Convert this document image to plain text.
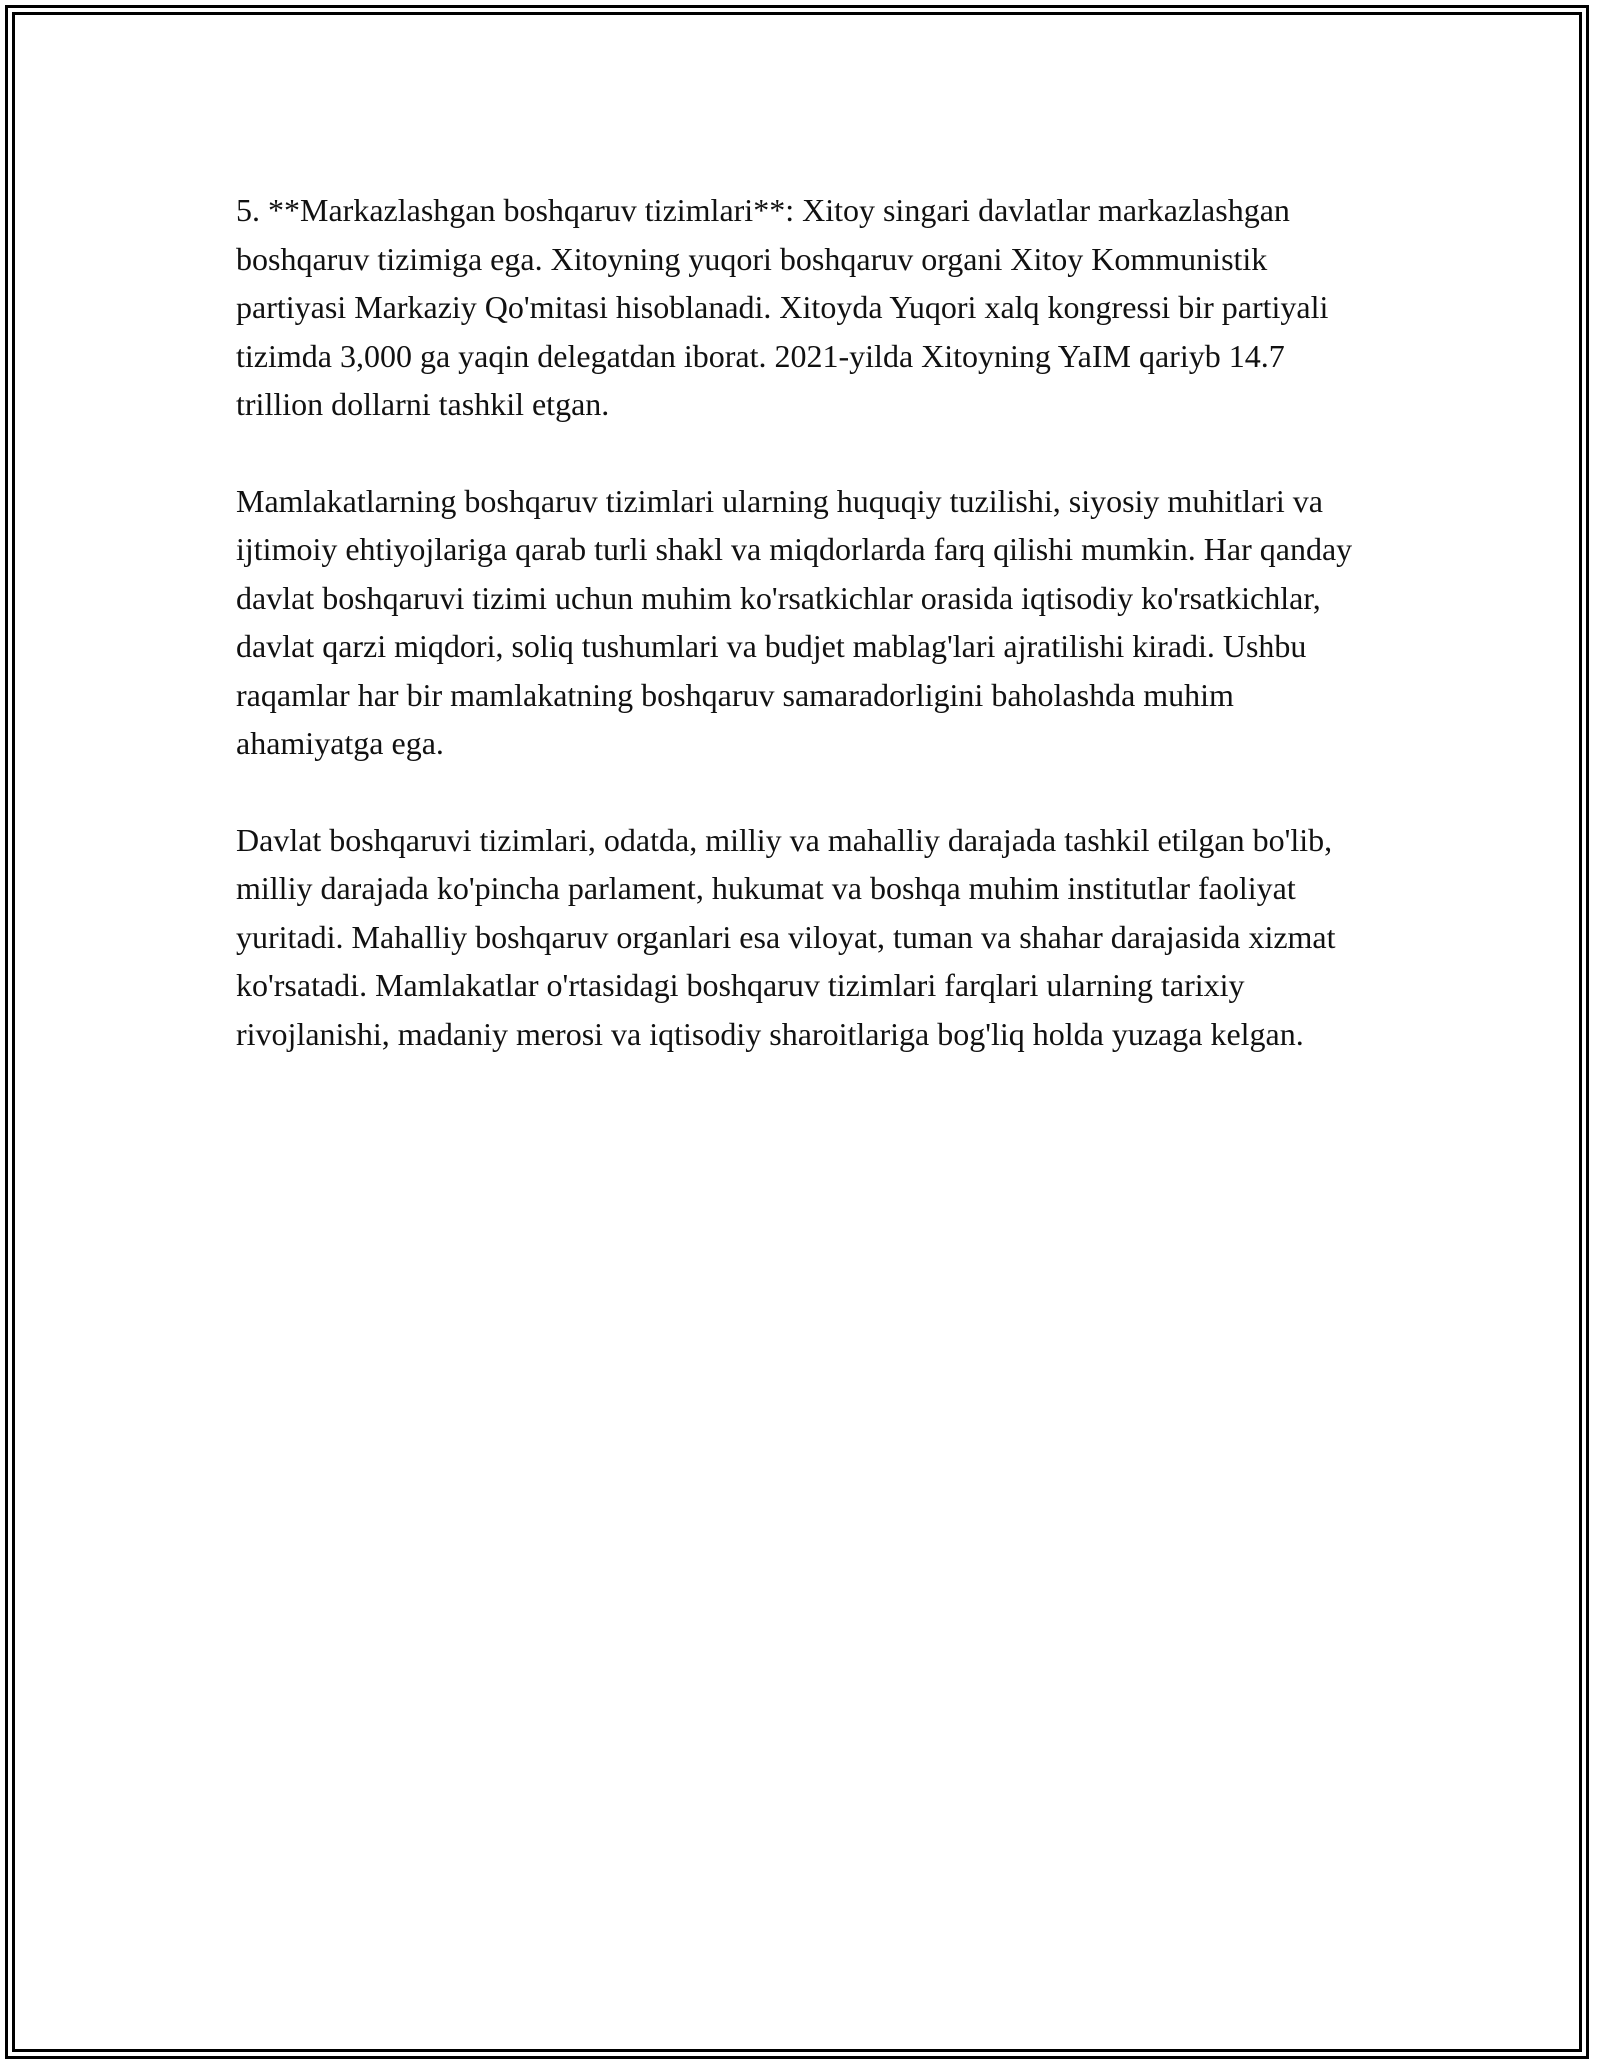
5. **Markazlashgan boshqaruv tizimlari**: Xitoy singari davlatlar markazlashgan boshqaruv tizimiga ega. Xitoyning yuqori boshqaruv organi Xitoy Kommunistik partiyasi Markaziy Qo'mitasi hisoblanadi. Xitoyda Yuqori xalq kongressi bir partiyali tizimda 3,000 ga yaqin delegatdan iborat. 2021-yilda Xitoyning YaIM qariyb 14.7 trillion dollarni tashkil etgan.

Mamlakatlarning boshqaruv tizimlari ularning huquqiy tuzilishi, siyosiy muhitlari va ijtimoiy ehtiyojlariga qarab turli shakl va miqdorlarda farq qilishi mumkin. Har qanday davlat boshqaruvi tizimi uchun muhim ko'rsatkichlar orasida iqtisodiy ko'rsatkichlar, davlat qarzi miqdori, soliq tushumlari va budjet mablag'lari ajratilishi kiradi. Ushbu raqamlar har bir mamlakatning boshqaruv samaradorligini baholashda muhim ahamiyatga ega.

Davlat boshqaruvi tizimlari, odatda, milliy va mahalliy darajada tashkil etilgan bo'lib, milliy darajada ko'pincha parlament, hukumat va boshqa muhim institutlar faoliyat yuritadi. Mahalliy boshqaruv organlari esa viloyat, tuman va shahar darajasida xizmat ko'rsatadi. Mamlakatlar o'rtasidagi boshqaruv tizimlari farqlari ularning tarixiy rivojlanishi, madaniy merosi va iqtisodiy sharoitlariga bog'liq holda yuzaga kelgan.
